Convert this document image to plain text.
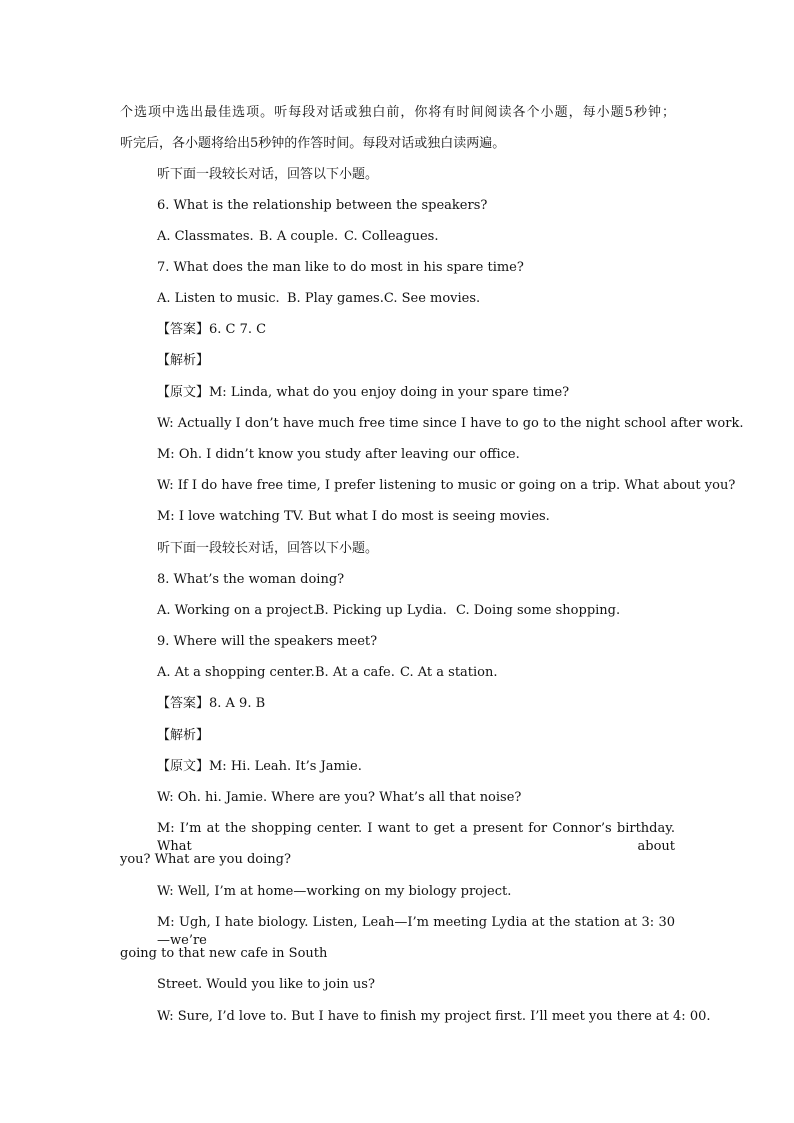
个选项中选出最佳选项。听每段对话或独白前，你将有时间阅读各个小题，每小题5秒钟；
听完后，各小题将给出5秒钟的作答时间。每段对话或独白读两遍。
听下面一段较长对话，回答以下小题。
6. What is the relationship between the speakers?
A. Classmates. B. A couple. C. Colleagues.
7. What does the man like to do most in his spare time?
A. Listen to music. B. Play games.C. See movies.
【答案】6. C 7. C
【解析】
【原文】M: Linda, what do you enjoy doing in your spare time?
W: Actually I don’t have much free time since I have to go to the night school after work.
M: Oh. I didn’t know you study after leaving our office.
W: If I do have free time, I prefer listening to music or going on a trip. What about you?
M: I love watching TV. But what I do most is seeing movies.
听下面一段较长对话，回答以下小题。
8. What’s the woman doing?
A. Working on a project.B. Picking up Lydia. C. Doing some shopping.
9. Where will the speakers meet?
A. At a shopping center.B. At a cafe. C. At a station.
【答案】8. A 9. B
【解析】
【原文】M: Hi. Leah. It’s Jamie.
W: Oh. hi. Jamie. Where are you? What’s all that noise?
M: I’m at the shopping center. I want to get a present for Connor’s birthday. What about
you? What are you doing?
W: Well, I’m at home—working on my biology project.
M: Ugh, I hate biology. Listen, Leah—I’m meeting Lydia at the station at 3: 30—we’re
going to that new cafe in South
Street. Would you like to join us?
W: Sure, I’d love to. But I have to finish my project first. I’ll meet you there at 4: 00.
